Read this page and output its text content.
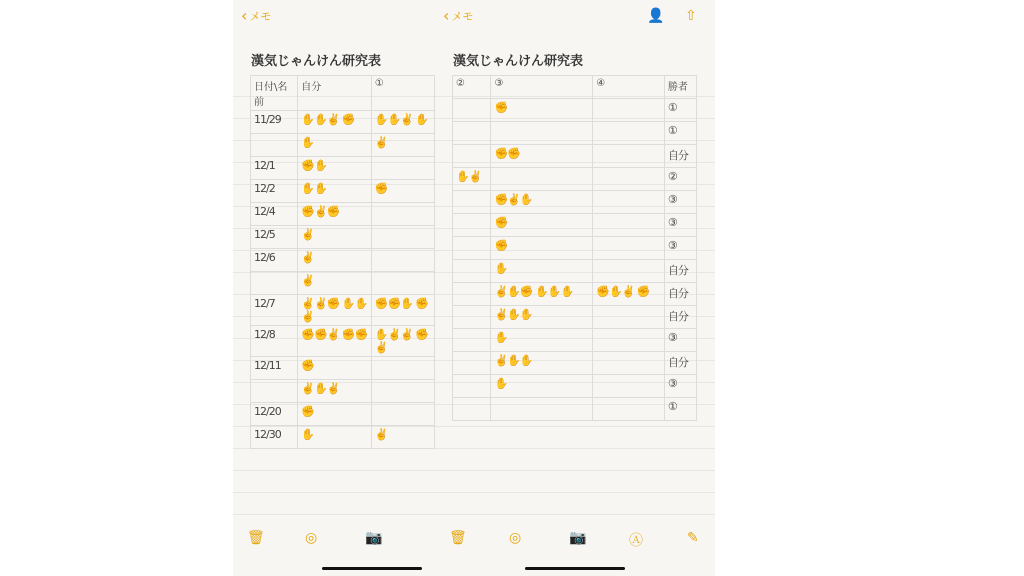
‹ メモ
漢気じゃんけん研究表
日付\名前	自分	①
11/29	✋✋✌️ ✊	✋✋✌️ ✋
	✋	✌️
12/1	✊✋	
12/2	✋✋	✊
12/4	✊✌️✊	
12/5	✌️	
12/6	✌️	
	✌️	
12/7	✌️✌️✊ ✋✋✌️	✊✊✋ ✊
12/8	✊✊✌️ ✊✊	✋✌️✌️ ✊✌️
12/11	✊	
	✌️✋✌️	
12/20	✊	
12/30	✋	✌️
🗑	◎	📷
‹ メモ	👤 ⇧
漢気じゃんけん研究表
②	③	④	勝者
	✊		①
			①
	✊✊		自分
✋✌️			②
	✊✌️✋		③
	✊		③
	✊		③
	✋		自分
	✌️✋✊ ✋✋✋	✊✋✌️ ✊	自分
	✌️✋✋		自分
	✋		③
	✌️✋✋		自分
	✋		③
			①
🗑	◎	📷	Ⓐ	✎
